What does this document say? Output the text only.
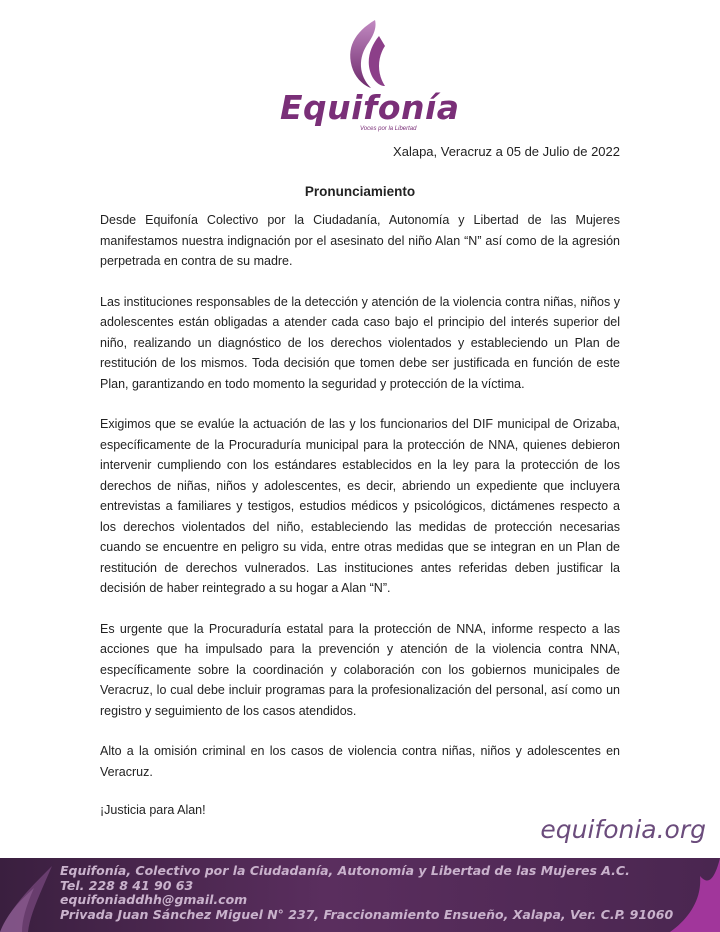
Equifonía
Voces por la Libertad
Xalapa, Veracruz a 05 de Julio de 2022
Pronunciamiento

Desde Equifonía Colectivo por la Ciudadanía, Autonomía y Libertad de las Mujeres manifestamos nuestra indignación por el asesinato del niño Alan “N” así como de la agresión perpetrada en contra de su madre.

Las instituciones responsables de la detección y atención de la violencia contra niñas, niños y adolescentes están obligadas a atender cada caso bajo el principio del interés superior del niño, realizando un diagnóstico de los derechos violentados y estableciendo un Plan de restitución de los mismos. Toda decisión que tomen debe ser justificada en función de este Plan, garantizando en todo momento la seguridad y protección de la víctima.

Exigimos que se evalúe la actuación de las y los funcionarios del DIF municipal de Orizaba, específicamente de la Procuraduría municipal para la protección de NNA, quienes debieron intervenir cumpliendo con los estándares establecidos en la ley para la protección de los derechos de niñas, niños y adolescentes, es decir, abriendo un expediente que incluyera entrevistas a familiares y testigos, estudios médicos y psicológicos, dictámenes respecto a los derechos violentados del niño, estableciendo las medidas de protección necesarias cuando se encuentre en peligro su vida, entre otras medidas que se integran en un Plan de restitución de derechos vulnerados. Las instituciones antes referidas deben justificar la decisión de haber reintegrado a su hogar a Alan “N”.

Es urgente que la Procuraduría estatal para la protección de NNA, informe respecto a las acciones que ha impulsado para la prevención y atención de la violencia contra NNA, específicamente sobre la coordinación y colaboración con los gobiernos municipales de Veracruz, lo cual debe incluir programas para la profesionalización del personal, así como un registro y seguimiento de los casos atendidos.

Alto a la omisión criminal en los casos de violencia contra niñas, niños y adolescentes en Veracruz.

¡Justicia para Alan!

equifonia.org
Equifonía, Colectivo por la Ciudadanía, Autonomía y Libertad de las Mujeres A.C.
Tel. 228 8 41 90 63
equifoniaddhh@gmail.com
Privada Juan Sánchez Miguel N° 237, Fraccionamiento Ensueño, Xalapa, Ver. C.P. 91060
